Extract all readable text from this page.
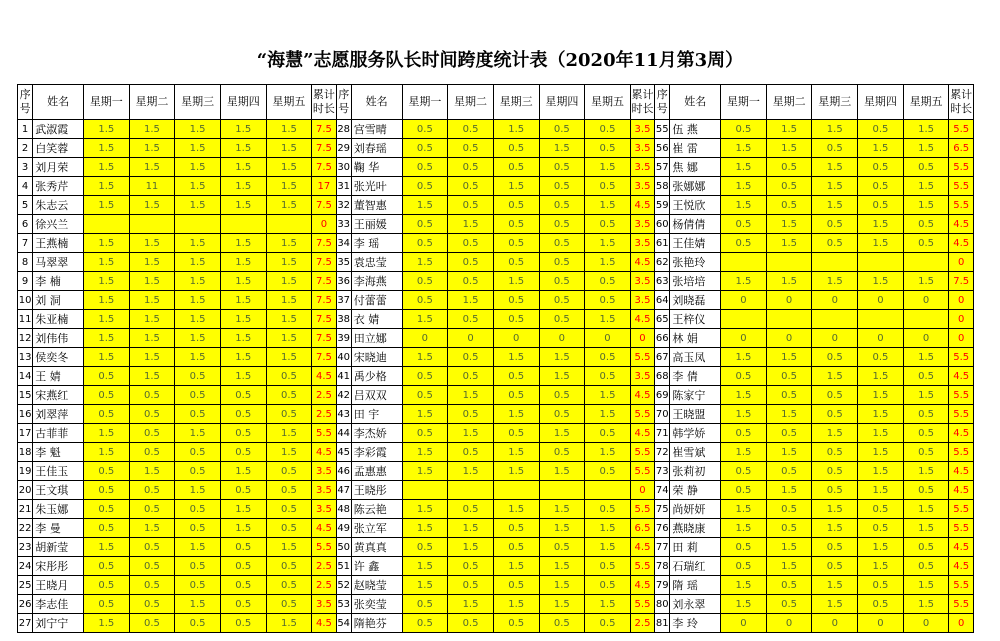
“海慧”志愿服务队长时间跨度统计表（2020年11月第3周）
序号	姓名	星期一	星期二	星期三	星期四	星期五	累计时长	序号	姓名	星期一	星期二	星期三	星期四	星期五	累计时长	序号	姓名	星期一	星期二	星期三	星期四	星期五	累计时长
1	武淑霞	1.5	1.5	1.5	1.5	1.5	7.5	28	宫雪晴	0.5	0.5	1.5	0.5	0.5	3.5	55	伍 燕	0.5	1.5	1.5	0.5	1.5	5.5
2	白笑蓉	1.5	1.5	1.5	1.5	1.5	7.5	29	刘春瑶	0.5	0.5	0.5	1.5	0.5	3.5	56	崔 雷	1.5	1.5	0.5	1.5	1.5	6.5
3	刘月荣	1.5	1.5	1.5	1.5	1.5	7.5	30	鞠 华	0.5	0.5	0.5	0.5	1.5	3.5	57	焦 娜	1.5	0.5	1.5	0.5	0.5	5.5
4	张秀芹	1.5	11	1.5	1.5	1.5	17	31	张光叶	0.5	0.5	1.5	0.5	0.5	3.5	58	张娜娜	1.5	0.5	1.5	0.5	1.5	5.5
5	朱志云	1.5	1.5	1.5	1.5	1.5	7.5	32	董智惠	1.5	0.5	0.5	0.5	1.5	4.5	59	王悦欣	1.5	0.5	1.5	0.5	1.5	5.5
6	徐兴兰						0	33	王丽媛	0.5	1.5	0.5	0.5	0.5	3.5	60	杨倩倩	0.5	1.5	0.5	1.5	0.5	4.5
7	王燕楠	1.5	1.5	1.5	1.5	1.5	7.5	34	李 瑶	0.5	0.5	0.5	0.5	1.5	3.5	61	王佳婧	0.5	1.5	0.5	1.5	0.5	4.5
8	马翠翠	1.5	1.5	1.5	1.5	1.5	7.5	35	袁忠莹	1.5	0.5	0.5	0.5	1.5	4.5	62	张艳玲						0
9	李 楠	1.5	1.5	1.5	1.5	1.5	7.5	36	李海燕	0.5	0.5	1.5	0.5	0.5	3.5	63	张培培	1.5	1.5	1.5	1.5	1.5	7.5
10	刘 洞	1.5	1.5	1.5	1.5	1.5	7.5	37	付蕾蕾	0.5	1.5	0.5	0.5	0.5	3.5	64	刘晓磊	0	0	0	0	0	0
11	朱亚楠	1.5	1.5	1.5	1.5	1.5	7.5	38	衣 婧	1.5	0.5	0.5	0.5	1.5	4.5	65	王梓仪						0
12	刘伟伟	1.5	1.5	1.5	1.5	1.5	7.5	39	田立娜	0	0	0	0	0	0	66	林 娟	0	0	0	0	0	0
13	侯奕冬	1.5	1.5	1.5	1.5	1.5	7.5	40	宋晓迪	1.5	0.5	1.5	1.5	0.5	5.5	67	高玉凤	1.5	1.5	0.5	0.5	1.5	5.5
14	王 婧	0.5	1.5	0.5	1.5	0.5	4.5	41	禹少格	0.5	0.5	0.5	1.5	0.5	3.5	68	李 倩	0.5	0.5	1.5	1.5	0.5	4.5
15	宋燕红	0.5	0.5	0.5	0.5	0.5	2.5	42	吕双双	0.5	1.5	0.5	0.5	1.5	4.5	69	陈家宁	1.5	0.5	0.5	1.5	1.5	5.5
16	刘翠萍	0.5	0.5	0.5	0.5	0.5	2.5	43	田 宇	1.5	0.5	1.5	0.5	1.5	5.5	70	王晓盟	1.5	1.5	0.5	1.5	0.5	5.5
17	古菲菲	1.5	0.5	1.5	0.5	1.5	5.5	44	李杰娇	0.5	1.5	0.5	1.5	0.5	4.5	71	韩学娇	0.5	0.5	1.5	1.5	0.5	4.5
18	李 魁	1.5	0.5	0.5	0.5	1.5	4.5	45	李彩霞	1.5	0.5	1.5	0.5	1.5	5.5	72	崔雪斌	1.5	1.5	0.5	1.5	0.5	5.5
19	王佳玉	0.5	1.5	0.5	1.5	0.5	3.5	46	孟惠惠	1.5	1.5	1.5	1.5	0.5	5.5	73	张莉初	0.5	0.5	0.5	1.5	1.5	4.5
20	王文琪	0.5	0.5	1.5	0.5	0.5	3.5	47	王晓彤						0	74	荣 静	0.5	1.5	0.5	1.5	0.5	4.5
21	朱玉娜	0.5	0.5	0.5	1.5	0.5	3.5	48	陈云艳	1.5	0.5	1.5	1.5	0.5	5.5	75	尚妍妍	1.5	0.5	1.5	0.5	1.5	5.5
22	李 曼	0.5	1.5	0.5	1.5	0.5	4.5	49	张立军	1.5	1.5	0.5	1.5	1.5	6.5	76	燕晓康	1.5	0.5	1.5	0.5	1.5	5.5
23	胡新莹	1.5	0.5	1.5	0.5	1.5	5.5	50	黄真真	0.5	1.5	0.5	0.5	1.5	4.5	77	田 莉	0.5	1.5	0.5	1.5	0.5	4.5
24	宋彤彤	0.5	0.5	0.5	0.5	0.5	2.5	51	许 鑫	1.5	0.5	1.5	1.5	0.5	5.5	78	石瑞红	0.5	1.5	0.5	1.5	0.5	4.5
25	王晓月	0.5	0.5	0.5	0.5	0.5	2.5	52	赵晓莹	1.5	0.5	0.5	1.5	0.5	4.5	79	隋 瑶	1.5	0.5	1.5	0.5	1.5	5.5
26	李志佳	0.5	0.5	1.5	0.5	0.5	3.5	53	张奕莹	0.5	1.5	1.5	1.5	1.5	5.5	80	刘永翠	1.5	0.5	1.5	0.5	1.5	5.5
27	刘宁宁	1.5	0.5	0.5	0.5	1.5	4.5	54	隋艳芬	0.5	0.5	0.5	0.5	0.5	2.5	81	李 玲	0	0	0	0	0	0
